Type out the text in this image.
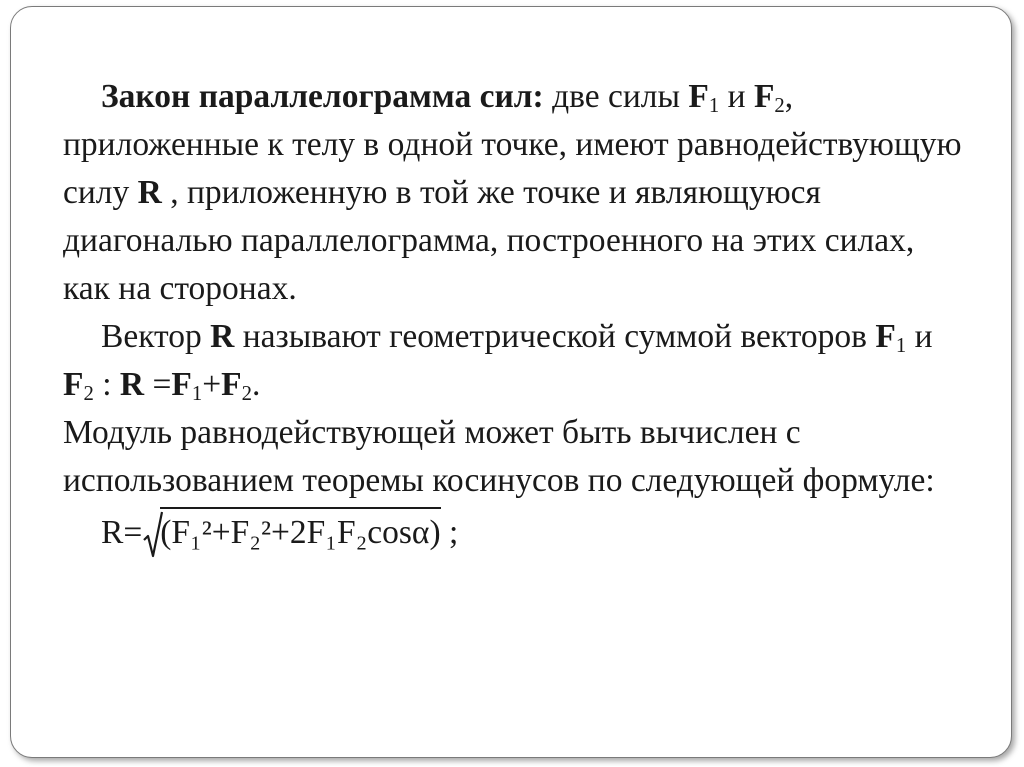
Закон параллелограмма сил: две силы $F_1$ и $F_2$, приложенные к телу в одной точке, имеют равнодействующую силу R , приложенную в той же точке и являющуюся диагональю параллелограмма, построенного на этих силах, как на сторонах.

Вектор R называют геометрической суммой векторов $F_1$ и $F_2$ : $R =F_1+F_2$.

Модуль равнодействующей может быть вычислен с использованием теоремы косинусов по следующей формуле:

R= (F₁²+F₂²+2F₁F₂cosα) ;
